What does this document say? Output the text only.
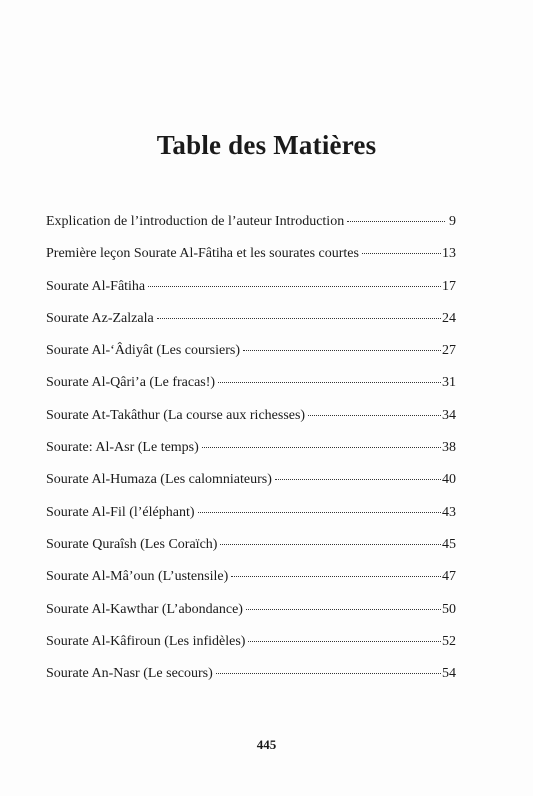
Table des Matières
Explication de l’introduction de l’auteur Introduction	9
Première leçon Sourate Al-Fâtiha et les sourates courtes	13
Sourate Al-Fâtiha	17
Sourate Az-Zalzala	24
Sourate Al-‘Âdiyât (Les coursiers)	27
Sourate Al-Qâri’a (Le fracas!)	31
Sourate At-Takâthur (La course aux richesses)	34
Sourate: Al-Asr (Le temps)	38
Sourate Al-Humaza (Les calomniateurs)	40
Sourate Al-Fil (l’éléphant)	43
Sourate Quraîsh (Les Coraïch)	45
Sourate Al-Mâ’oun (L’ustensile)	47
Sourate Al-Kawthar (L’abondance)	50
Sourate Al-Kâfiroun (Les infidèles)	52
Sourate An-Nasr (Le secours)	54
445
